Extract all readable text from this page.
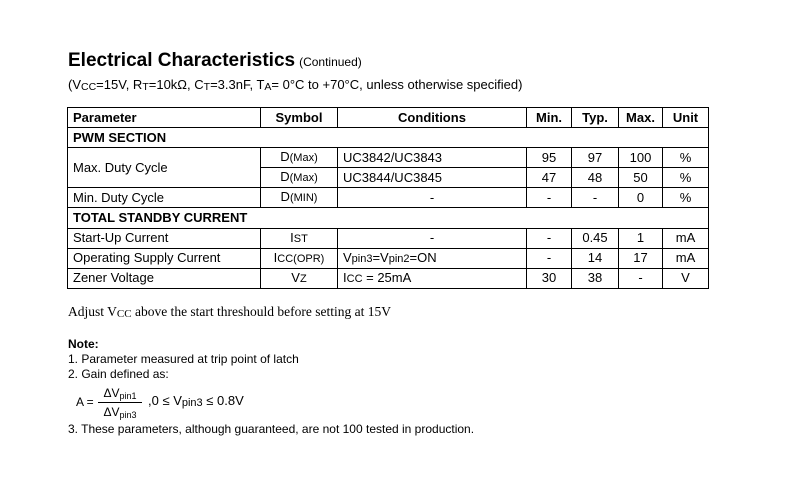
Electrical Characteristics (Continued)
(VCC=15V, RT=10kΩ, CT=3.3nF, TA= 0°C to +70°C, unless otherwise specified)
Parameter	Symbol	Conditions	Min.	Typ.	Max.	Unit
PWM SECTION						
Max. Duty Cycle	D(Max)	UC3842/UC3843	95	97	100	%
	D(Max)	UC3844/UC3845	47	48	50	%
Min. Duty Cycle	D(MIN)	-	-	-	0	%
TOTAL STANDBY CURRENT						
Start-Up Current	IST	-	-	0.45	1	mA
Operating Supply Current	ICC(OPR)	Vpin3=Vpin2=ON	-	14	17	mA
Zener Voltage	VZ	ICC = 25mA	30	38	-	V
Adjust VCC above the start threshould before setting at 15V
Note:
1. Parameter measured at trip point of latch
2. Gain defined as:
A =
ΔVpin1
ΔVpin3
,0 ≤ Vpin3 ≤ 0.8V
3. These parameters, although guaranteed, are not 100 tested in production.
